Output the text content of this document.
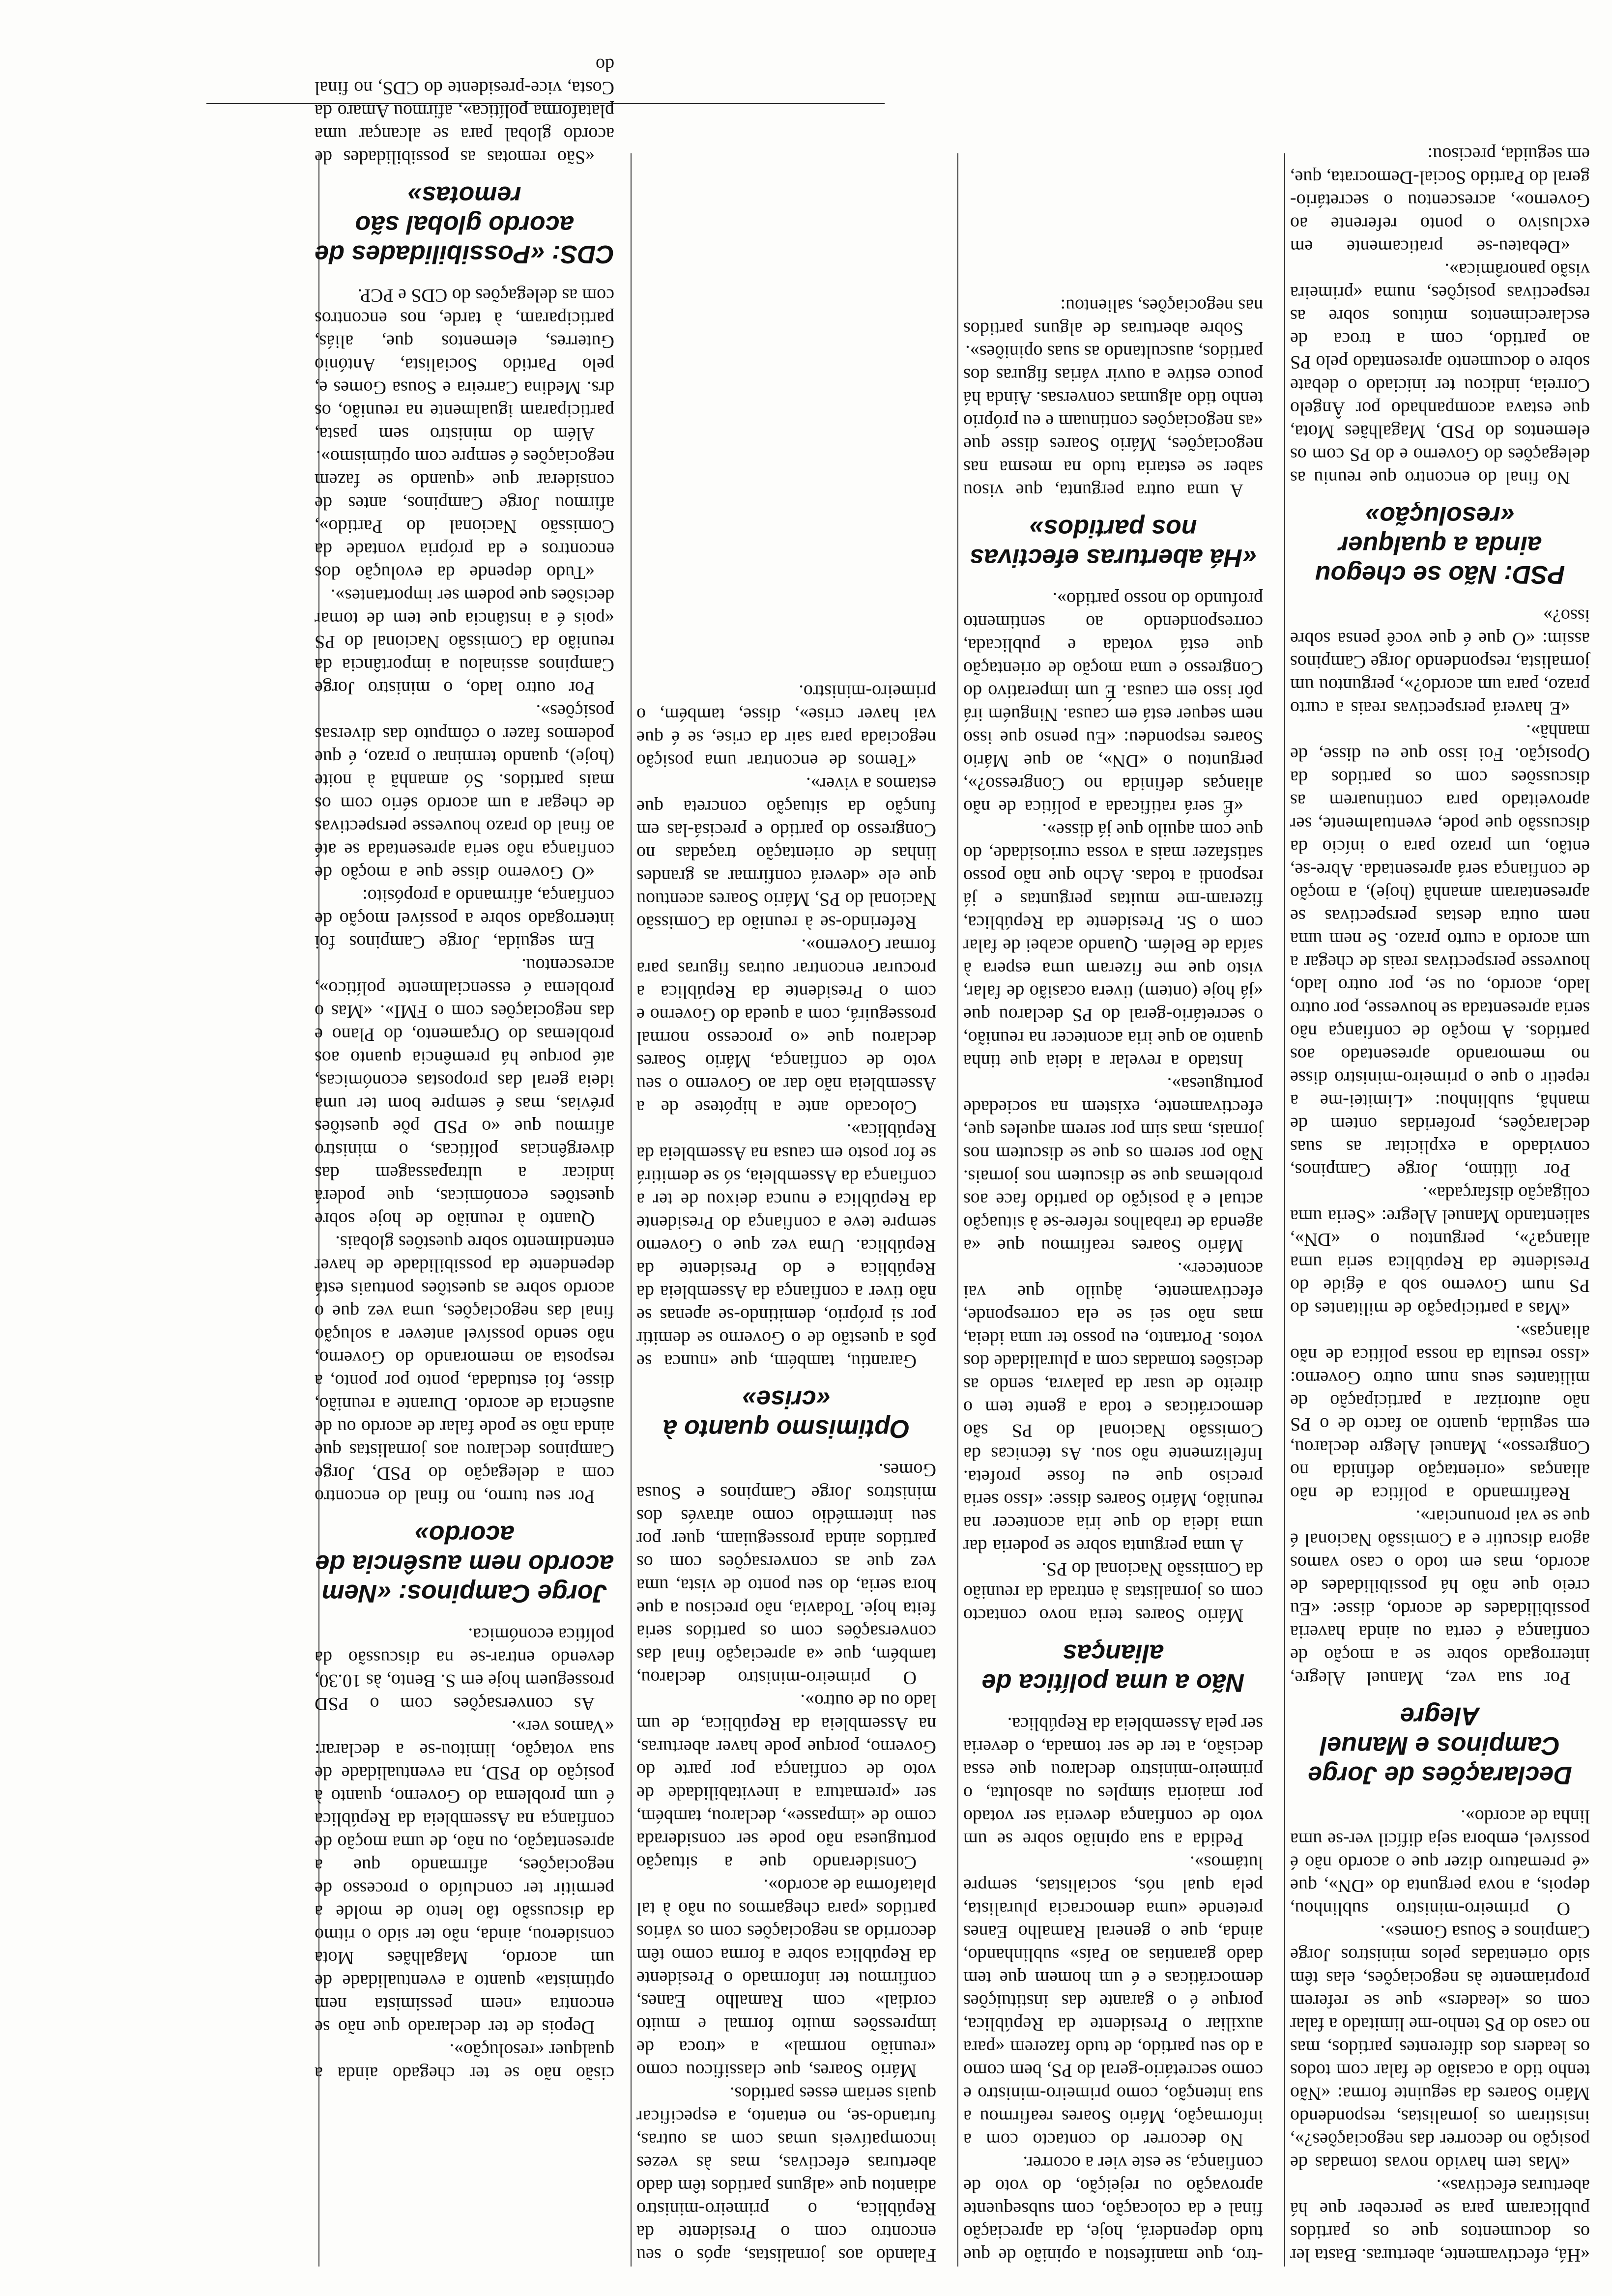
«Há, efectivamente, aberturas. Basta ler os documentos que os partidos publicaram para se perceber que há aberturas efectivas».

«Mas tem havido novas tomadas de posição no decorrer das negociações?», insistiram os jornalistas, respondendo Mário Soares da seguinte forma: «Não tenho tido a ocasião de falar com todos os leaders dos diferentes partidos, mas no caso do PS tenho-me limitado a falar com os «leaders» que se referem propriamente às negociações, elas têm sido orientadas pelos ministros Jorge Campinos e Sousa Gomes».

O primeiro-ministro sublinhou, depois, a nova pergunta do «DN», que «é prematuro dizer que o acordo não é possível, embora seja difícil ver-se uma linha de acordo».

Declarações de Jorge Campinos e Manuel Alegre

Por sua vez, Manuel Alegre, interrogado sobre se a moção de confiança é certa ou ainda haveria possibilidades de acordo, disse: «Eu creio que não há possibilidades de acordo, mas em todo o caso vamos agora discutir e a Comissão Nacional é que se vai pronunciar».

Reafirmando a política de não alianças «orientação definida no Congresso», Manuel Alegre declarou, em seguida, quanto ao facto de o PS não autorizar a participação de militantes seus num outro Governo: «Isso resulta da nossa política de não alianças».

«Mas a participação de militantes do PS num Governo sob a égide do Presidente da República seria uma aliança?», perguntou o «DN», salientando Manuel Alegre: «Seria uma coligação disfarçada».

Por último, Jorge Campinos, convidado a explicitar as suas declarações, proferidas ontem de manhã, sublinhou: «Limitei-me a repetir o que o primeiro-ministro disse no memorando apresentado aos partidos. A moção de confiança não seria apresentada se houvesse, por outro lado, acordo, ou se, por outro lado, houvesse perspectivas reais de chegar a um acordo a curto prazo. Se nem uma nem outra destas perspectivas se apresentaram amanhã (hoje), a moção de confiança será apresentada. Abre-se, então, um prazo para o início da discussão que pode, eventualmente, ser aproveitado para continuarem as discussões com os partidos da Oposição. Foi isso que eu disse, de manhã».

«E haverá perspectivas reais a curto prazo, para um acordo?», perguntou um jornalista, respondendo Jorge Campinos assim: «O que é que você pensa sobre isso?»

PSD: Não se chegou ainda a qualquer «resolução»

No final do encontro que reuniu as delegações do Governo e do PS com os elementos do PSD, Magalhães Mota, que estava acompanhado por Ângelo Correia, indicou ter iniciado o debate sobre o documento apresentado pelo PS ao partido, com a troca de esclarecimentos mútuos sobre as respectivas posições, numa «primeira visão panorâmica».

«Debateu-se praticamente em exclusivo o ponto referente ao Governo», acrescentou o secretário-geral do Partido Social-Democrata, que, em seguida, precisou:

-tro, que manifestou a opinião de que tudo dependerá, hoje, da apreciação final e da colocação, com subsequente aprovação ou rejeição, do voto de confiança, se este vier a ocorrer.

No decorrer do contacto com a informação, Mário Soares reafirmou a sua intenção, como primeiro-ministro e como secretário-geral do PS, bem como a do seu partido, de tudo fazerem «para auxiliar o Presidente da República, porque é o garante das instituições democráticas e é um homem que tem dado garantias ao País» sublinhando, ainda, que o general Ramalho Eanes pretende «uma democracia pluralista, pela qual nós, socialistas, sempre lutámos».

Pedida a sua opinião sobre se um voto de confiança deveria ser votado por maioria simples ou absoluta, o primeiro-ministro declarou que essa decisão, a ter de ser tomada, o deveria ser pela Assembleia da República.

Não a uma política de alianças

Mário Soares teria novo contacto com os jornalistas à entrada da reunião da Comissão Nacional do PS.

A uma pergunta sobre se poderia dar uma ideia do que iria acontecer na reunião, Mário Soares disse: «Isso seria preciso que eu fosse profeta. Infelizmente não sou. As técnicas da Comissão Nacional do PS são democráticas e toda a gente tem o direito de usar da palavra, sendo as decisões tomadas com a pluralidade dos votos. Portanto, eu posso ter uma ideia, mas não sei se ela corresponde, efectivamente, àquilo que vai acontecer».

Mário Soares reafirmou que «a agenda de trabalhos refere-se à situação actual e à posição do partido face aos problemas que se discutem nos jornais. Não por serem os que se discutem nos jornais, mas sim por serem aqueles que, efectivamente, existem na sociedade portuguesa».

Instado a revelar a ideia que tinha quanto ao que iria acontecer na reunião, o secretário-geral do PS declarou que «já hoje (ontem) tivera ocasião de falar, visto que me fizeram uma espera à saída de Belém. Quando acabei de falar com o Sr. Presidente da República, fizeram-me muitas perguntas e já respondi a todas. Acho que não posso satisfazer mais a vossa curiosidade, do que com aquilo que já disse».

«É será ratificada a política de não alianças definida no Congresso?», perguntou o «DN», ao que Mário Soares respondeu: «Eu penso que isso nem sequer está em causa. Ninguém irá pôr isso em causa. É um imperativo do Congresso e uma moção de orientação que está votada e publicada, correspondendo ao sentimento profundo do nosso partido».

«Há aberturas efectivas nos partidos»

A uma outra pergunta, que visou saber se estaria tudo na mesma nas negociações, Mário Soares disse que «as negociações continuam e eu próprio tenho tido algumas conversas. Ainda há pouco estive a ouvir várias figuras dos partidos, auscultando as suas opiniões».

Sobre aberturas de alguns partidos nas negociações, salientou:

Falando aos jornalistas, após o seu encontro com o Presidente da República, o primeiro-ministro adiantou que «alguns partidos têm dado aberturas efectivas, mas às vezes incompatíveis umas com as outras, furtando-se, no entanto, a especificar quais seriam esses partidos.

Mário Soares, que classificou como «reunião normal» a «troca de impressões muito formal e muito cordial» com Ramalho Eanes, confirmou ter informado o Presidente da República sobre a forma como têm decorrido as negociações com os vários partidos «para chegarmos ou não à tal plataforma de acordo».

Considerando que a situação portuguesa não pode ser considerada como de «impasse», declarou, também, ser «prematura a inevitabilidade de voto de confiança por parte do Governo, porque pode haver aberturas, na Assembleia da República, de um lado ou de outro».

O primeiro-ministro declarou, também, que «a apreciação final das conversações com os partidos seria feita hoje. Todavia, não precisou a que hora seria, do seu ponto de vista, uma vez que as conversações com os partidos ainda prosseguiam, quer por seu intermédio como através dos ministros Jorge Campinos e Sousa Gomes.

Optimismo quanto à «crise»

Garantiu, também, que «nunca se pôs a questão de o Governo se demitir por si próprio, demitindo-se apenas se não tiver a confiança da Assembleia da República e do Presidente da República. Uma vez que o Governo sempre teve a confiança do Presidente da República e nunca deixou de ter a confiança da Assembleia, só se demitirá se for posto em causa na Assembleia da República».

Colocado ante a hipótese de a Assembleia não dar ao Governo o seu voto de confiança, Mário Soares declarou que «o processo normal prosseguirá, com a queda do Governo e com o Presidente da República a procurar encontrar outras figuras para formar Governo».

Referindo-se à reunião da Comissão Nacional do PS, Mário Soares acentuou que ele «deverá confirmar as grandes linhas de orientação traçadas no Congresso do partido e precisá-las em função da situação concreta que estamos a viver».

«Temos de encontrar uma posição negociada para sair da crise, se é que vai haver crise», disse, também, o primeiro-ministro.

cisão não se ter chegado ainda a qualquer «resolução».

Depois de ter declarado que não se encontra «nem pessimista nem optimista» quanto a eventualidade de um acordo, Magalhães Mota considerou, ainda, não ter sido o ritmo da discussão tão lento de molde a permitir ter concluído o processo de negociações, afirmando que a apresentação, ou não, de uma moção de confiança na Assembleia da República é um problema do Governo, quanto à posição do PSD, na eventualidade de sua votação, limitou-se a declarar: «Vamos ver».

As conversações com o PSD prosseguem hoje em S. Bento, às 10.30, devendo entrar-se na discussão da política económica.

Jorge Campinos: «Nem acordo nem ausência de acordo»

Por seu turno, no final do encontro com a delegação do PSD, Jorge Campinos declarou aos jornalistas que ainda não se pode falar de acordo ou de ausência de acordo. Durante a reunião, disse, foi estudada, ponto por ponto, a resposta ao memorando do Governo, não sendo possível antever a solução final das negociações, uma vez que o acordo sobre as questões pontuais está dependente da possibilidade de haver entendimento sobre questões globais.

Quanto à reunião de hoje sobre questões económicas, que poderá indicar a ultrapassagem das divergências políticas, o ministro afirmou que «o PSD põe questões prévias, mas é sempre bom ter uma ideia geral das propostas económicas, até porque há premência quanto aos problemas do Orçamento, do Plano e das negociações com o FMI». «Mas o problema é essencialmente político», acrescentou.

Em seguida, Jorge Campinos foi interrogado sobre a possível moção de confiança, afirmando a propósito:

«O Governo disse que a moção de confiança não seria apresentada se até ao final do prazo houvesse perspectivas de chegar a um acordo sério com os mais partidos. Só amanhã à noite (hoje), quando terminar o prazo, é que podemos fazer o cômputo das diversas posições».

Por outro lado, o ministro Jorge Campinos assinalou a importância da reunião da Comissão Nacional do PS «pois é a instância que tem de tomar decisões que podem ser importantes».

«Tudo depende da evolução dos encontros e da própria vontade da Comissão Nacional do Partido», afirmou Jorge Campinos, antes de considerar que «quando se fazem negociações é sempre com optimismo».

Além do ministro sem pasta, participaram igualmente na reunião, os drs. Medina Carreira e Sousa Gomes e, pelo Partido Socialista, António Guterres, elementos que, aliás, participaram, à tarde, nos encontros com as delegações do CDS e PCP.

CDS: «Possibilidades de acordo global são remotas»

«São remotas as possibilidades de acordo global para se alcançar uma plataforma política», afirmou Amaro da Costa, vice-presidente do CDS, no final do
